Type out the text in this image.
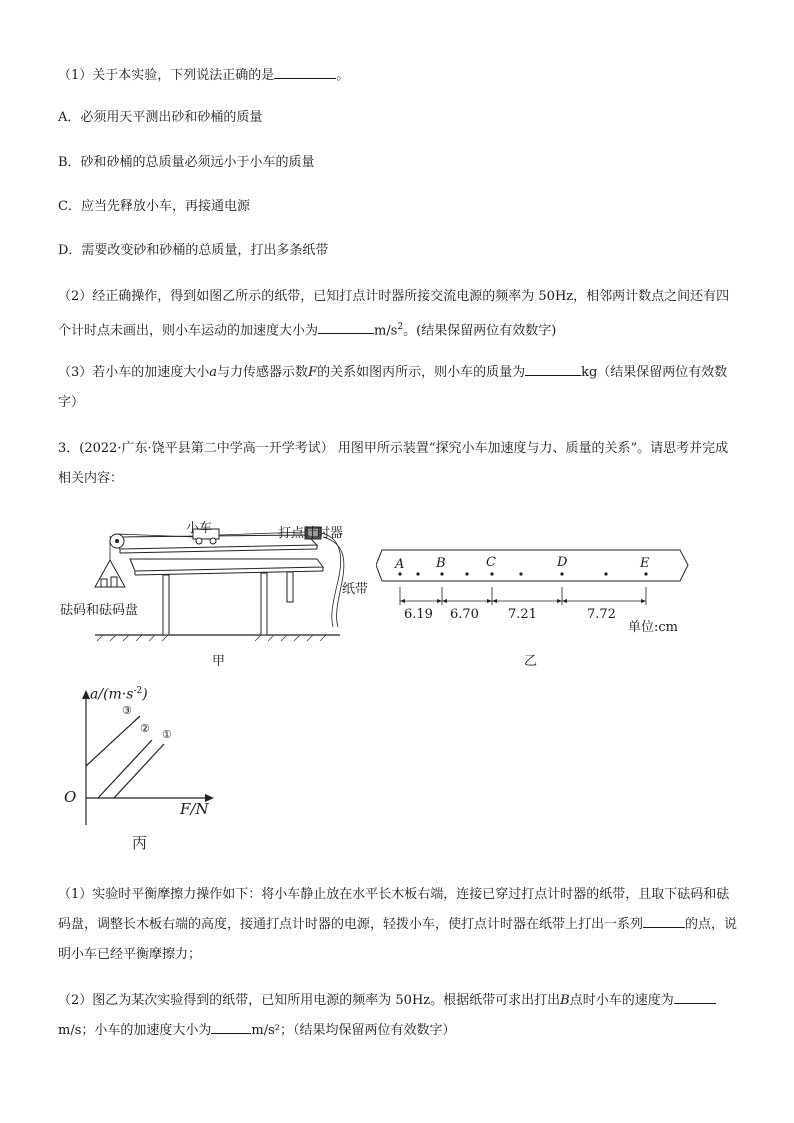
（1）关于本实验，下列说法正确的是	。
A．必须用天平测出砂和砂桶的质量
B．砂和砂桶的总质量必须远小于小车的质量
C．应当先释放小车，再接通电源
D．需要改变砂和砂桶的总质量，打出多条纸带
（2）经正确操作，得到如图乙所示的纸带，已知打点计时器所接交流电源的频率为 50Hz，相邻两计数点之间还有四个计时点未画出，则小车运动的加速度大小为	$m/s^2$。(结果保留两位有效数字)
（3）若小车的加速度大小a与力传感器示数F的关系如图丙所示，则小车的质量为	kg（结果保留两位有效数字）
3．(2022·广东·饶平县第二中学高一开学考试） 用图甲所示装置“探究小车加速度与力、质量的关系”。请思考并完成相关内容：
小车	打点计时器
纸带
砝码和砝码盘
甲
A B	C	D	E
6.19 6.70 7.21	7.72
单位:cm
乙
$a/(m\cdot s^{-2})$
③
② ①
O
F/N
丙
（1）实验时平衡摩擦力操作如下：将小车静止放在水平长木板右端，连接已穿过打点计时器的纸带，且取下砝码和砝码盘，调整长木板右端的高度，接通打点计时器的电源，轻拨小车，使打点计时器在纸带上打出一系列	的点，说明小车已经平衡摩擦力；
（2）图乙为某次实验得到的纸带，已知所用电源的频率为 50Hz。根据纸带可求出打出B点时小车的速度为m/s；小车的加速度大小为	m/s²；（结果均保留两位有效数字）
